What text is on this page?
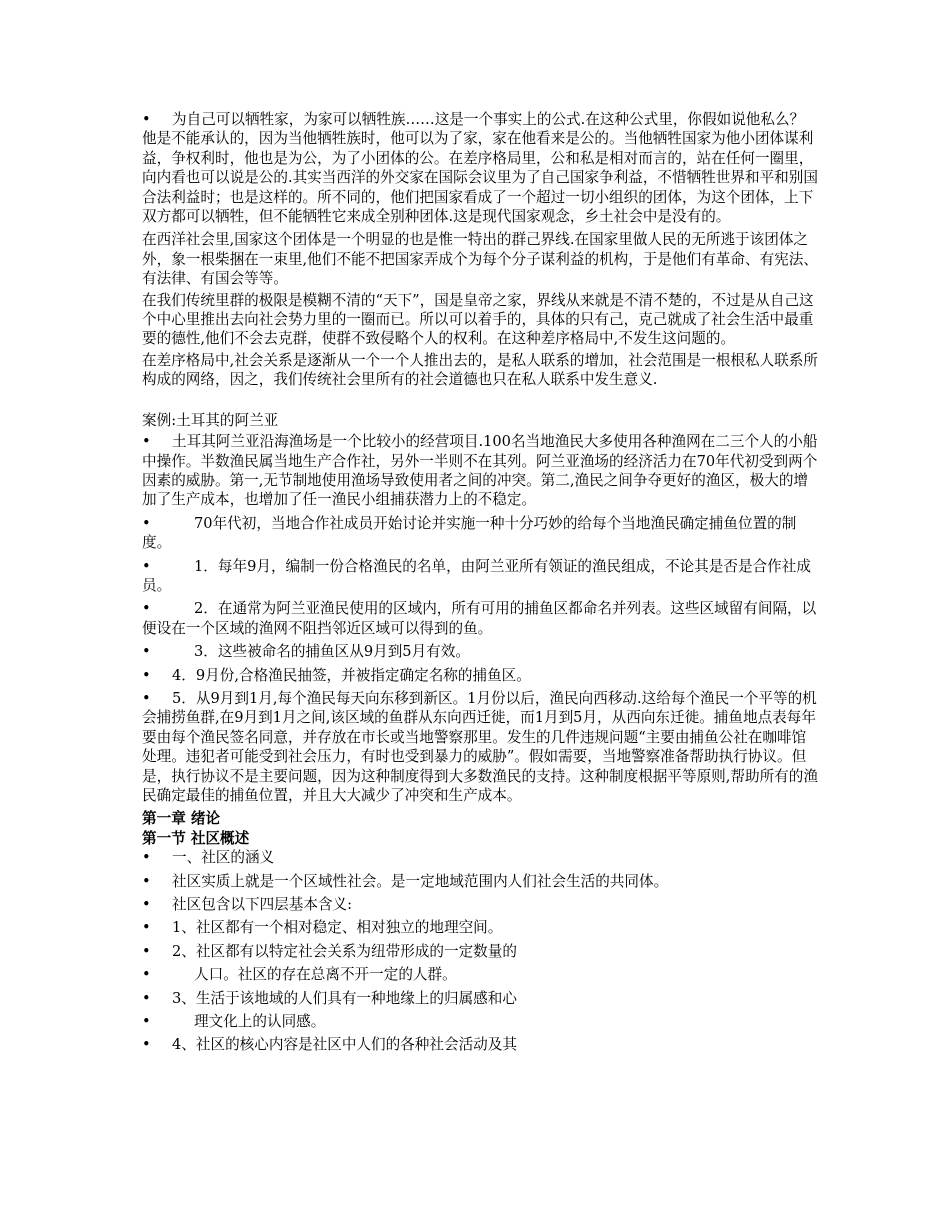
• 为自己可以牺牲家，为家可以牺牲族……这是一个事实上的公式.在这种公式里，你假如说他私么？他是不能承认的，因为当他牺牲族时，他可以为了家，家在他看来是公的。当他牺牲国家为他小团体谋利益，争权利时，他也是为公，为了小团体的公。在差序格局里，公和私是相对而言的，站在任何一圈里，向内看也可以说是公的.其实当西洋的外交家在国际会议里为了自己国家争利益，不惜牺牲世界和平和别国合法利益时；也是这样的。所不同的，他们把国家看成了一个超过一切小组织的团体，为这个团体，上下双方都可以牺牲，但不能牺牲它来成全别种团体.这是现代国家观念，乡土社会中是没有的。

在西洋社会里,国家这个团体是一个明显的也是惟一特出的群己界线.在国家里做人民的无所逃于该团体之外，象一根柴捆在一束里,他们不能不把国家弄成个为每个分子谋利益的机构，于是他们有革命、有宪法、有法律、有国会等等。

在我们传统里群的极限是模糊不清的“天下”，国是皇帝之家，界线从来就是不清不楚的，不过是从自己这个中心里推出去向社会势力里的一圈而已。所以可以着手的，具体的只有己，克己就成了社会生活中最重要的德性,他们不会去克群，使群不致侵略个人的权利。在这种差序格局中,不发生这问题的。

在差序格局中,社会关系是逐渐从一个一个人推出去的，是私人联系的增加，社会范围是一根根私人联系所构成的网络，因之，我们传统社会里所有的社会道德也只在私人联系中发生意义.

案例:土耳其的阿兰亚

• 土耳其阿兰亚沿海渔场是一个比较小的经营项目.100名当地渔民大多使用各种渔网在二三个人的小船中操作。半数渔民属当地生产合作社，另外一半则不在其列。阿兰亚渔场的经济活力在70年代初受到两个因素的威胁。第一,无节制地使用渔场导致使用者之间的冲突。第二,渔民之间争夺更好的渔区，极大的增加了生产成本，也增加了任一渔民小组捕获潜力上的不稳定。

• 70年代初，当地合作社成员开始讨论并实施一种十分巧妙的给每个当地渔民确定捕鱼位置的制度。

• 1．每年9月，编制一份合格渔民的名单，由阿兰亚所有领证的渔民组成，不论其是否是合作社成员。

• 2．在通常为阿兰亚渔民使用的区域内，所有可用的捕鱼区都命名并列表。这些区域留有间隔，以便设在一个区域的渔网不阻挡邻近区域可以得到的鱼。

• 3．这些被命名的捕鱼区从9月到5月有效。

• 4．9月份,合格渔民抽签，并被指定确定名称的捕鱼区。

• 5．从9月到1月,每个渔民每天向东移到新区。1月份以后，渔民向西移动.这给每个渔民一个平等的机会捕捞鱼群,在9月到1月之间,该区域的鱼群从东向西迁徙，而1月到5月，从西向东迁徙。捕鱼地点表每年要由每个渔民签名同意，并存放在市长或当地警察那里。发生的几件违规问题“主要由捕鱼公社在咖啡馆处理。违犯者可能受到社会压力，有时也受到暴力的威胁”。假如需要，当地警察准备帮助执行协议。但是，执行协议不是主要问题，因为这种制度得到大多数渔民的支持。这种制度根据平等原则,帮助所有的渔民确定最佳的捕鱼位置，并且大大减少了冲突和生产成本。

第一章 绪论

第一节 社区概述

• 一、社区的涵义

• 社区实质上就是一个区域性社会。是一定地域范围内人们社会生活的共同体。

• 社区包含以下四层基本含义:

• 1、社区都有一个相对稳定、相对独立的地理空间。

• 2、社区都有以特定社会关系为纽带形成的一定数量的

• 人口。社区的存在总离不开一定的人群。

• 3、生活于该地域的人们具有一种地缘上的归属感和心

• 理文化上的认同感。

• 4、社区的核心内容是社区中人们的各种社会活动及其
